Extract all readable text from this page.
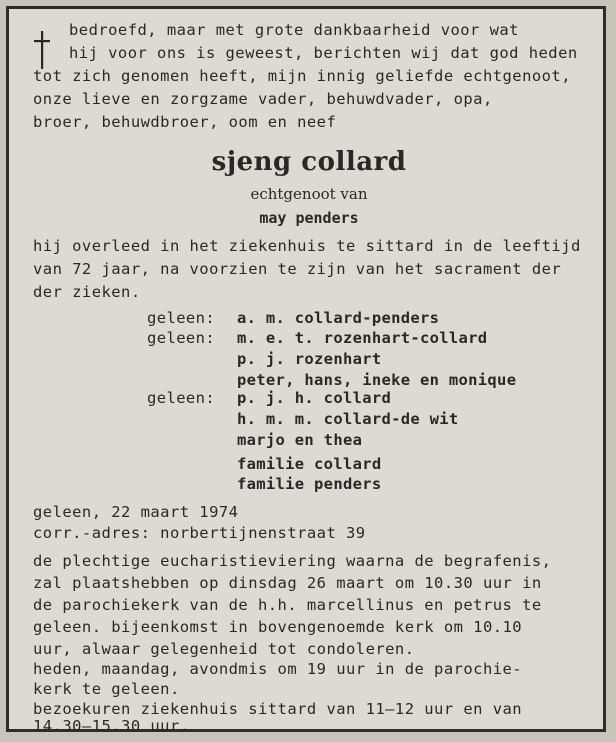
bedroefd, maar met grote dankbaarheid voor wat
hij voor ons is geweest, berichten wij dat god heden
tot zich genomen heeft, mijn innig geliefde echtgenoot,
onze lieve en zorgzame vader, behuwdvader, opa,
broer, behuwdbroer, oom en neef
sjeng collard
echtgenoot van
may penders
hij overleed in het ziekenhuis te sittard in de leeftijd
van 72 jaar, na voorzien te zijn van het sacrament der
der zieken.
geleen: a. m. collard-penders
geleen: m. e. t. rozenhart-collard
p. j. rozenhart
peter, hans, ineke en monique
geleen: p. j. h. collard
h. m. m. collard-de wit
marjo en thea
familie collard
familie penders
geleen, 22 maart 1974
corr.-adres: norbertijnenstraat 39
de plechtige eucharistieviering waarna de begrafenis,
zal plaatshebben op dinsdag 26 maart om 10.30 uur in
de parochiekerk van de h.h. marcellinus en petrus te
geleen. bijeenkomst in bovengenoemde kerk om 10.10
uur, alwaar gelegenheid tot condoleren.
heden, maandag, avondmis om 19 uur in de parochie-
kerk te geleen.
bezoekuren ziekenhuis sittard van 11—12 uur en van
14.30—15.30 uur.
